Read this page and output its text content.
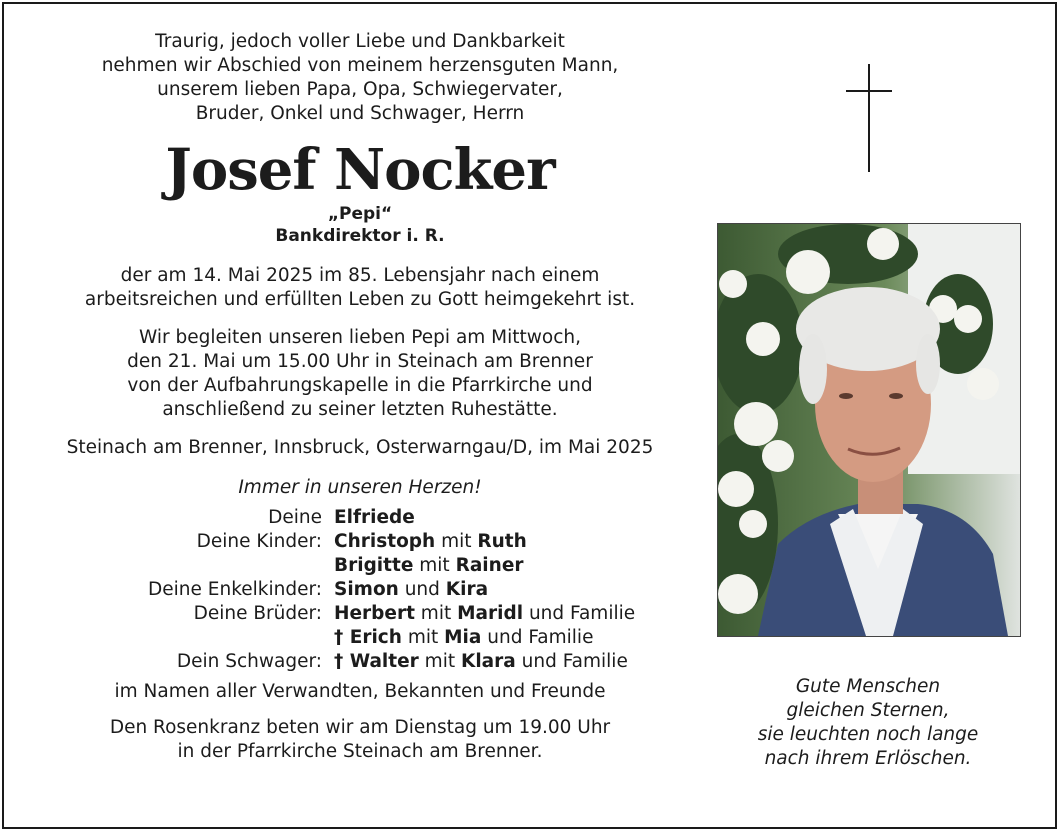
Traurig, jedoch voller Liebe und Dankbarkeit
nehmen wir Abschied von meinem herzensguten Mann,
unserem lieben Papa, Opa, Schwiegervater,
Bruder, Onkel und Schwager, Herrn
Josef Nocker
„Pepi“
Bankdirektor i. R.
der am 14. Mai 2025 im 85. Lebensjahr nach einem
arbeitsreichen und erfüllten Leben zu Gott heimgekehrt ist.
Wir begleiten unseren lieben Pepi am Mittwoch,
den 21. Mai um 15.00 Uhr in Steinach am Brenner
von der Aufbahrungskapelle in die Pfarrkirche und
anschließend zu seiner letzten Ruhestätte.
Steinach am Brenner, Innsbruck, Osterwarngau/D, im Mai 2025
Immer in unseren Herzen!
Deine	Elfriede
Deine Kinder:	Christoph mit Ruth
	Brigitte mit Rainer
Deine Enkelkinder:	Simon und Kira
Deine Brüder:	Herbert mit Maridl und Familie
	† Erich mit Mia und Familie
Dein Schwager:	† Walter mit Klara und Familie
im Namen aller Verwandten, Bekannten und Freunde
Den Rosenkranz beten wir am Dienstag um 19.00 Uhr
in der Pfarrkirche Steinach am Brenner.
Gute Menschen
gleichen Sternen,
sie leuchten noch lange
nach ihrem Erlöschen.
